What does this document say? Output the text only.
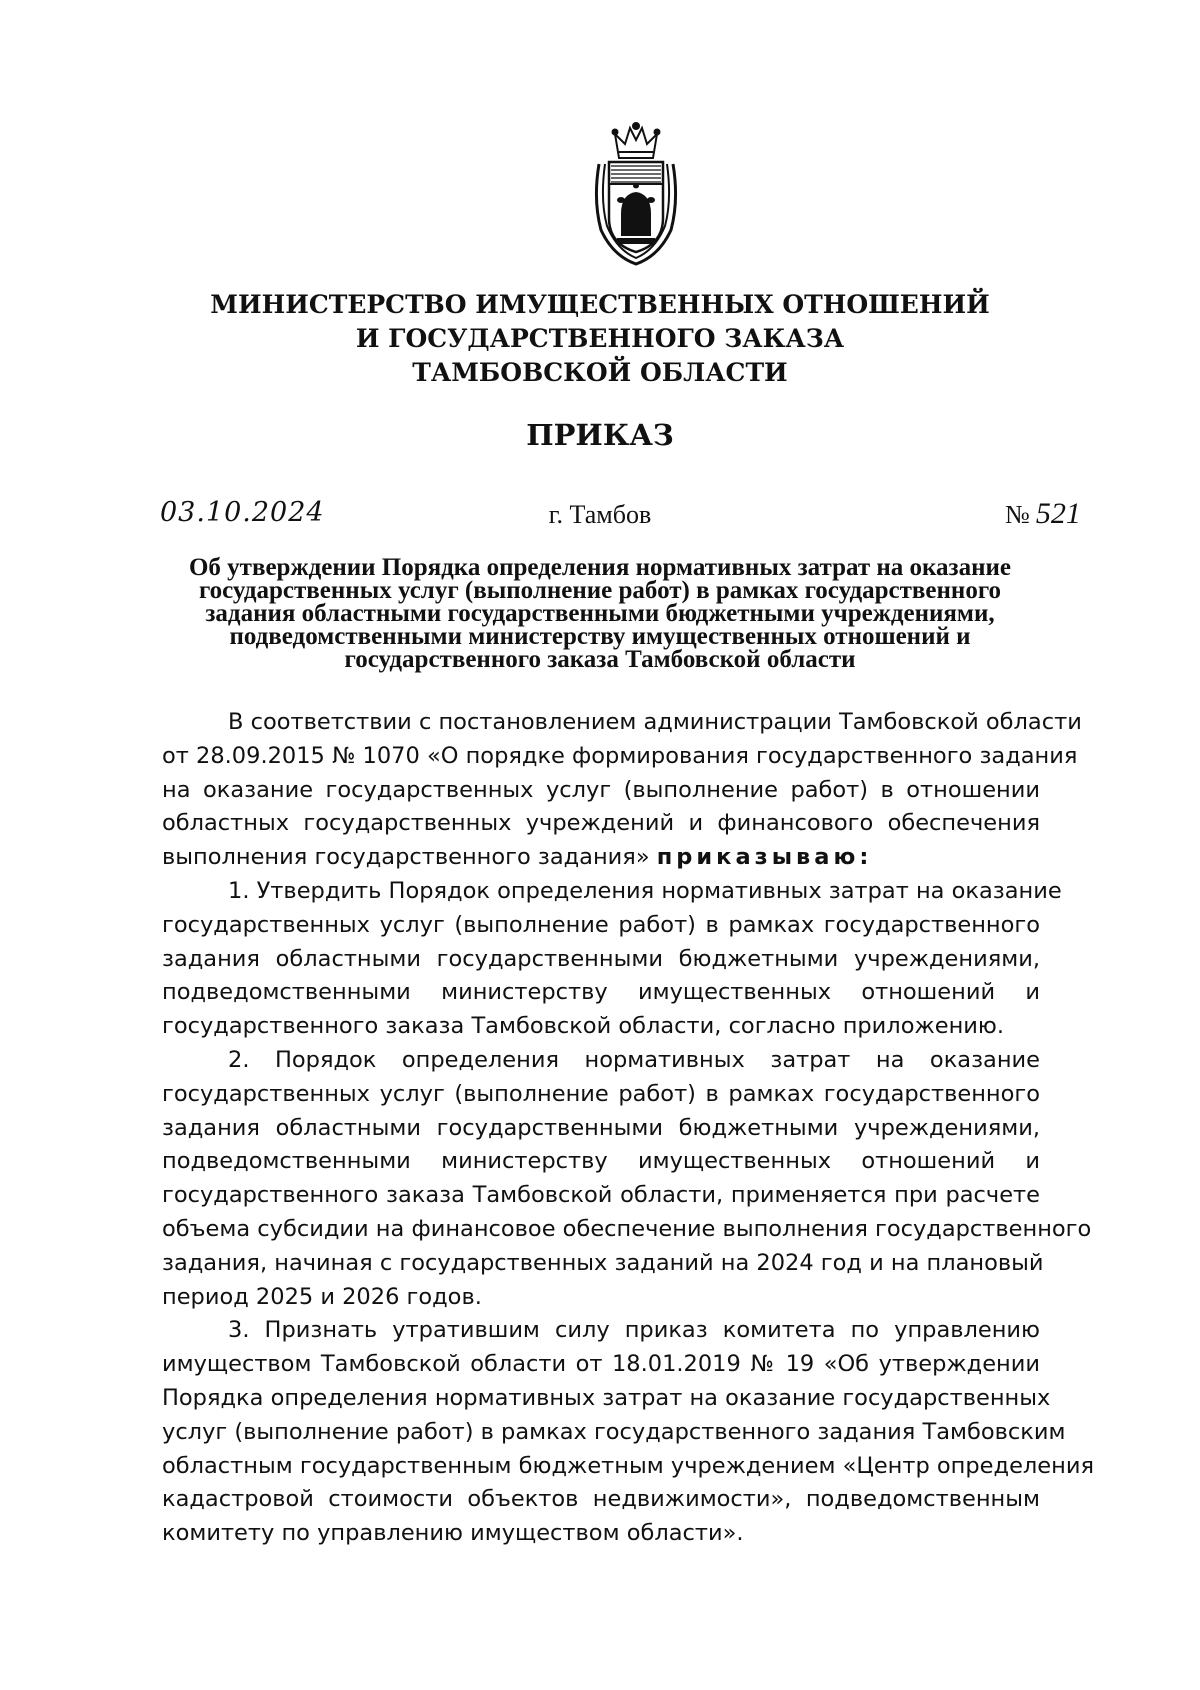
МИНИСТЕРСТВО ИМУЩЕСТВЕННЫХ ОТНОШЕНИЙ
И ГОСУДАРСТВЕННОГО ЗАКАЗА
ТАМБОВСКОЙ ОБЛАСТИ
ПРИКАЗ
03.10.2024	г. Тамбов	№ 521
Об утверждении Порядка определения нормативных затрат на оказание
государственных услуг (выполнение работ) в рамках государственного
задания областными государственными бюджетными учреждениями,
подведомственными министерству имущественных отношений и
государственного заказа Тамбовской области
В соответствии с постановлением администрации Тамбовской области
от 28.09.2015 № 1070 «О порядке формирования государственного задания
на оказание государственных услуг (выполнение работ) в отношении
областных государственных учреждений и финансового обеспечения
выполнения государственного задания» приказываю:
1. Утвердить Порядок определения нормативных затрат на оказание
государственных услуг (выполнение работ) в рамках государственного
задания областными государственными бюджетными учреждениями,
подведомственными министерству имущественных отношений и
государственного заказа Тамбовской области, согласно приложению.
2. Порядок определения нормативных затрат на оказание
государственных услуг (выполнение работ) в рамках государственного
задания областными государственными бюджетными учреждениями,
подведомственными министерству имущественных отношений и
государственного заказа Тамбовской области, применяется при расчете
объема субсидии на финансовое обеспечение выполнения государственного
задания, начиная с государственных заданий на 2024 год и на плановый
период 2025 и 2026 годов.
3. Признать утратившим силу приказ комитета по управлению
имуществом Тамбовской области от 18.01.2019 № 19 «Об утверждении
Порядка определения нормативных затрат на оказание государственных
услуг (выполнение работ) в рамках государственного задания Тамбовским
областным государственным бюджетным учреждением «Центр определения
кадастровой стоимости объектов недвижимости», подведомственным
комитету по управлению имуществом области».
